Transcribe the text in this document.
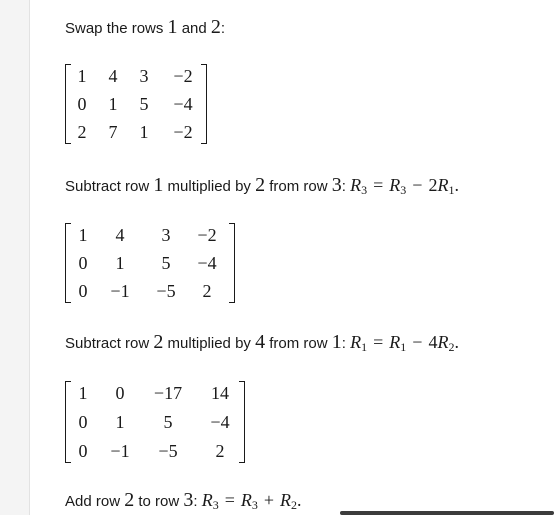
Swap the rows 1 and 2:
1	4	3	−2
0	1	5	−4
2	7	1	−2
Subtract row 1 multiplied by 2 from row 3: $R_3 = R_3 - 2R_1$.
1	4	3	−2
0	1	5	−4
0	−1	−5	2
Subtract row 2 multiplied by 4 from row 1: $R_1 = R_1 - 4R_2$.
1	0	−17	14
0	1	5	−4
0	−1	−5	2
Add row 2 to row 3: $R_3 = R_3 + R_2$.
